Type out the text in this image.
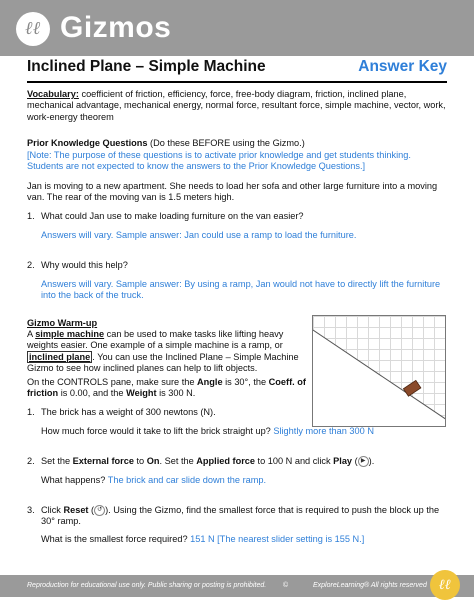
ℓℓ Gizmos
Inclined Plane – Simple Machine	Answer Key
Vocabulary: coefficient of friction, efficiency, force, free-body diagram, friction, inclined plane, mechanical advantage, mechanical energy, normal force, resultant force, simple machine, vector, work, work-energy theorem
Prior Knowledge Questions (Do these BEFORE using the Gizmo.)
[Note: The purpose of these questions is to activate prior knowledge and get students thinking. Students are not expected to know the answers to the Prior Knowledge Questions.]
Jan is moving to a new apartment. She needs to load her sofa and other large furniture into a moving van. The rear of the moving van is 1.5 meters high.
1. What could Jan use to make loading furniture on the van easier?
Answers will vary. Sample answer: Jan could use a ramp to load the furniture.
2. Why would this help?
Answers will vary. Sample answer: By using a ramp, Jan would not have to directly lift the furniture into the back of the truck.
Gizmo Warm-up
A simple machine can be used to make tasks like lifting heavy weights easier. One example of a simple machine is a ramp, or inclined plane . You can use the Inclined Plane – Simple Machine Gizmo to see how inclined planes can help to lift objects.
On the CONTROLS pane, make sure the Angle is 30°, the Coeff. of friction is 0.00, and the Weight is 300 N.
1. The brick has a weight of 300 newtons (N).
How much force would it take to lift the brick straight up? Slightly more than 300 N
2. Set the External force to On. Set the Applied force to 100 N and click Play ( ▶ ).
What happens? The brick and car slide down the ramp.
3. Click Reset ( ↺ ). Using the Gizmo, find the smallest force that is required to push the block up the 30° ramp.
What is the smallest force required? 151 N [The nearest slider setting is 155 N.]
Reproduction for educational use only. Public sharing or posting is prohibited. ©	ExploreLearning® All rights reserved ℓℓ
